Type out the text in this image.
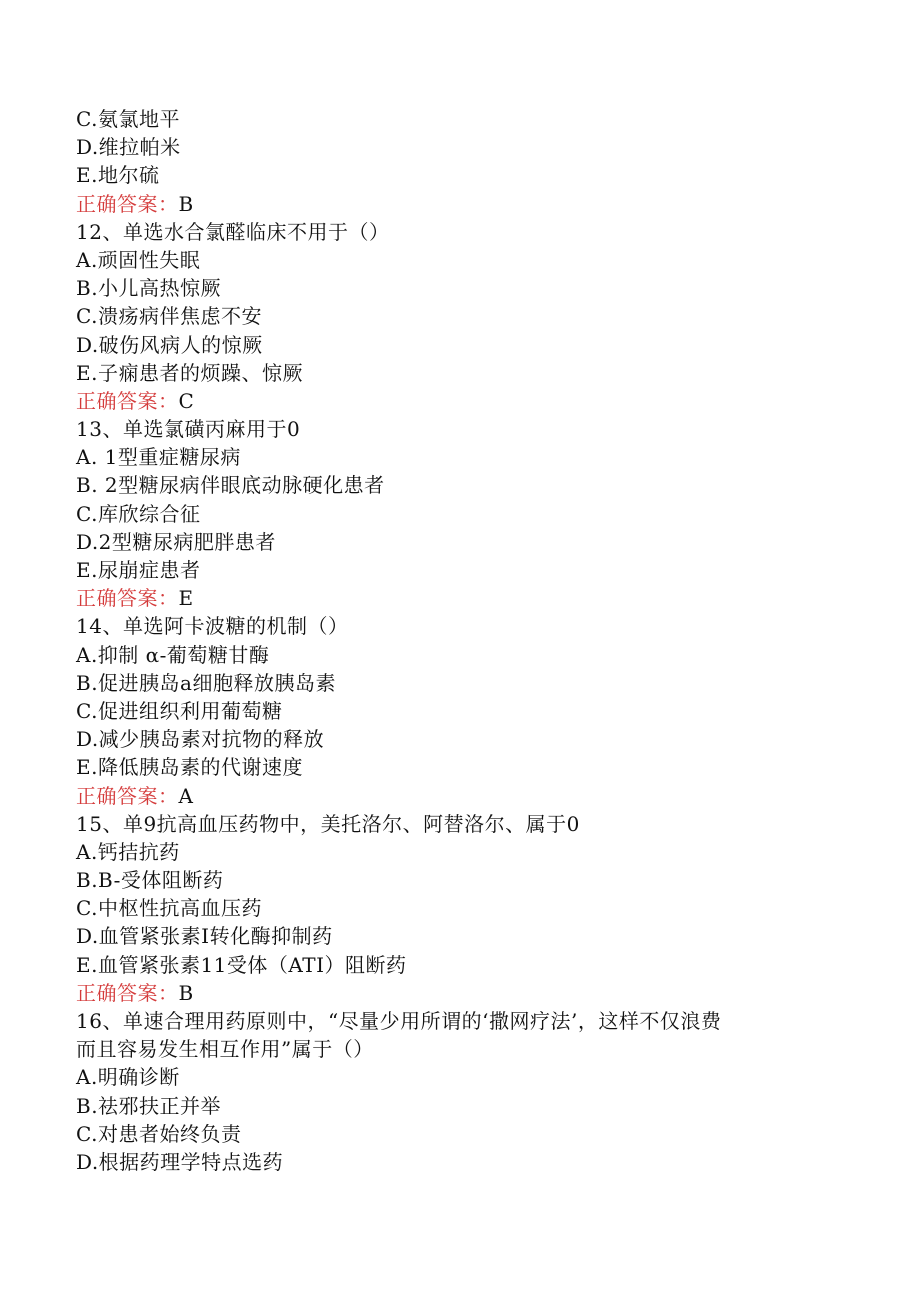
C.氨氯地平
D.维拉帕米
E.地尔硫
正确答案：B
12、单选水合氯醛临床不用于（）
A.顽固性失眠
B.小儿高热惊厥
C.溃疡病伴焦虑不安
D.破伤风病人的惊厥
E.子痫患者的烦躁、惊厥
正确答案：C
13、单选氯磺丙麻用于0
A. 1型重症糖尿病
B. 2型糖尿病伴眼底动脉硬化患者
C.库欣综合征
D.2型糖尿病肥胖患者
E.尿崩症患者
正确答案：E
14、单选阿卡波糖的机制（）
A.抑制 α-葡萄糖甘酶
B.促进胰岛a细胞释放胰岛素
C.促进组织利用葡萄糖
D.减少胰岛素对抗物的释放
E.降低胰岛素的代谢速度
正确答案：A
15、单9抗高血压药物中，美托洛尔、阿替洛尔、属于0
A.钙拮抗药
B.B-受体阻断药
C.中枢性抗高血压药
D.血管紧张素I转化酶抑制药
E.血管紧张素11受体（ATI）阻断药
正确答案：B
16、单速合理用药原则中，“尽量少用所谓的‘撒网疗法’，这样不仅浪费
而且容易发生相互作用”属于（）
A.明确诊断
B.祛邪扶正并举
C.对患者始终负责
D.根据药理学特点选药
